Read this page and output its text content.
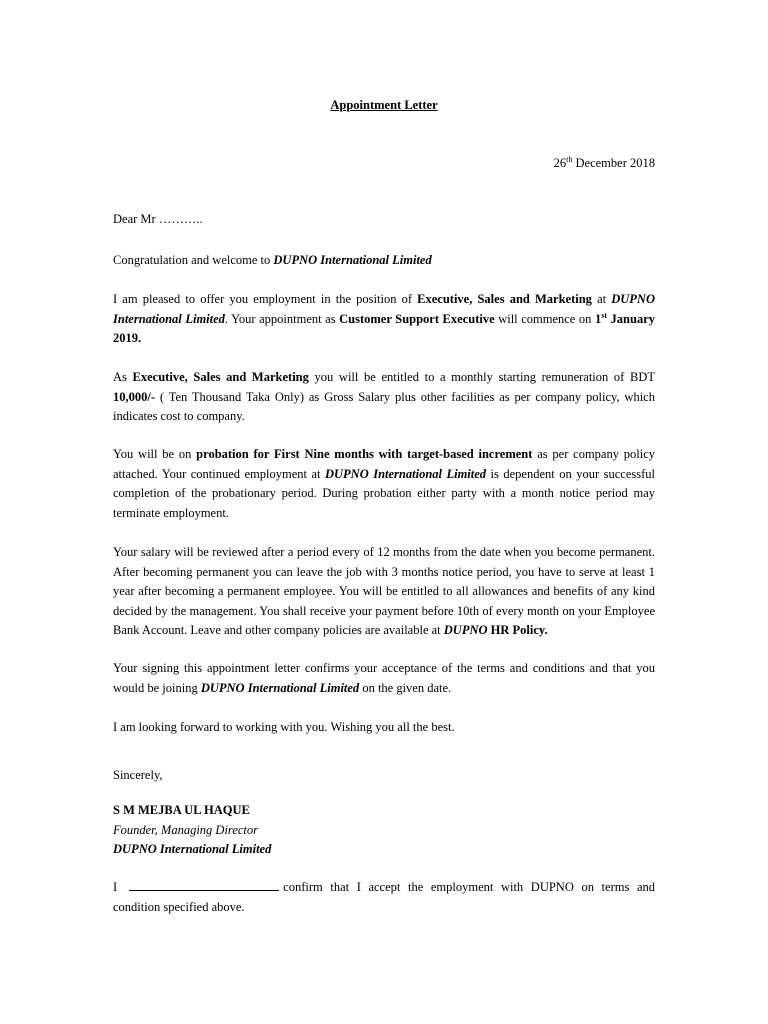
Appointment Letter
26th December 2018
Dear Mr ………..
Congratulation and welcome to DUPNO International Limited
I am pleased to offer you employment in the position of Executive, Sales and Marketing at DUPNO International Limited. Your appointment as Customer Support Executive will commence on 1st January 2019.
As Executive, Sales and Marketing you will be entitled to a monthly starting remuneration of BDT 10,000/- ( Ten Thousand Taka Only) as Gross Salary plus other facilities as per company policy, which indicates cost to company.
You will be on probation for First Nine months with target-based increment as per company policy attached. Your continued employment at DUPNO International Limited is dependent on your successful completion of the probationary period. During probation either party with a month notice period may terminate employment.
Your salary will be reviewed after a period every of 12 months from the date when you become permanent. After becoming permanent you can leave the job with 3 months notice period, you have to serve at least 1 year after becoming a permanent employee. You will be entitled to all allowances and benefits of any kind decided by the management. You shall receive your payment before 10th of every month on your Employee Bank Account. Leave and other company policies are available at DUPNO HR Policy.
Your signing this appointment letter confirms your acceptance of the terms and conditions and that you would be joining DUPNO International Limited on the given date.
I am looking forward to working with you. Wishing you all the best.
Sincerely,
S M MEJBA UL HAQUE
Founder, Managing Director
DUPNO International Limited
I	confirm that I accept the employment with DUPNO on terms and condition specified above.
